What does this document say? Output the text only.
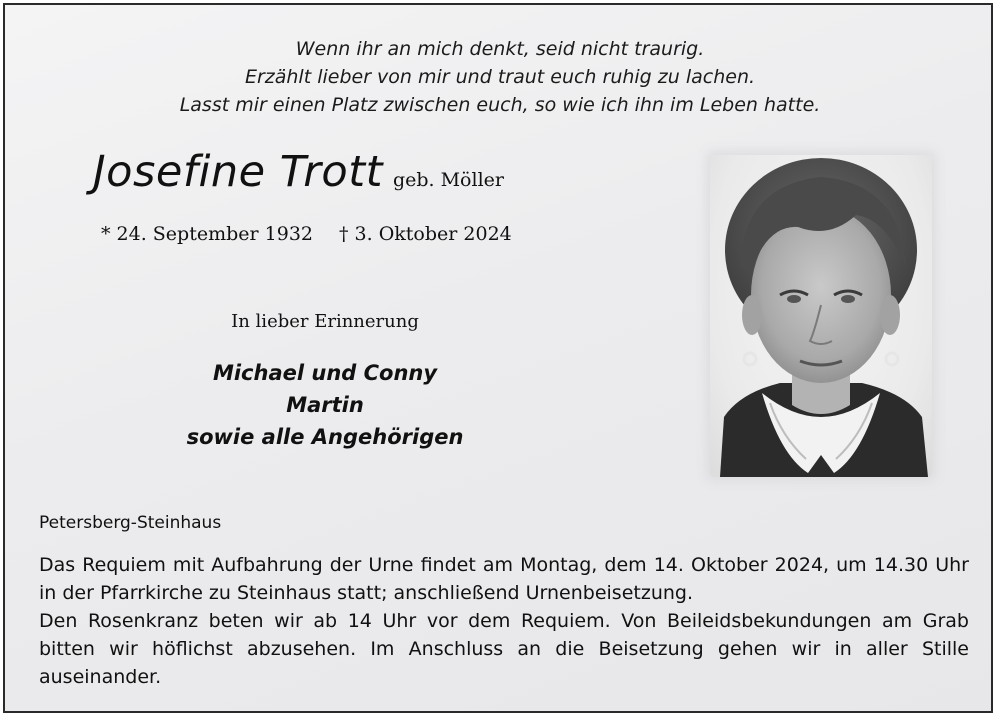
Wenn ihr an mich denkt, seid nicht traurig.
Erzählt lieber von mir und traut euch ruhig zu lachen.
Lasst mir einen Platz zwischen euch, so wie ich ihn im Leben hatte.
Josefine Trott geb. Möller
* 24. September 1932 † 3. Oktober 2024
In lieber Erinnerung
Michael und Conny
Martin
sowie alle Angehörigen
Petersberg-Steinhaus

Das Requiem mit Aufbahrung der Urne findet am Montag, dem 14. Oktober 2024, um 14.30 Uhr in der Pfarrkirche zu Steinhaus statt; anschließend Urnenbeisetzung.

Den Rosenkranz beten wir ab 14 Uhr vor dem Requiem. Von Beileidsbekundungen am Grab bitten wir höflichst abzusehen. Im Anschluss an die Beisetzung gehen wir in aller Stille auseinander.
